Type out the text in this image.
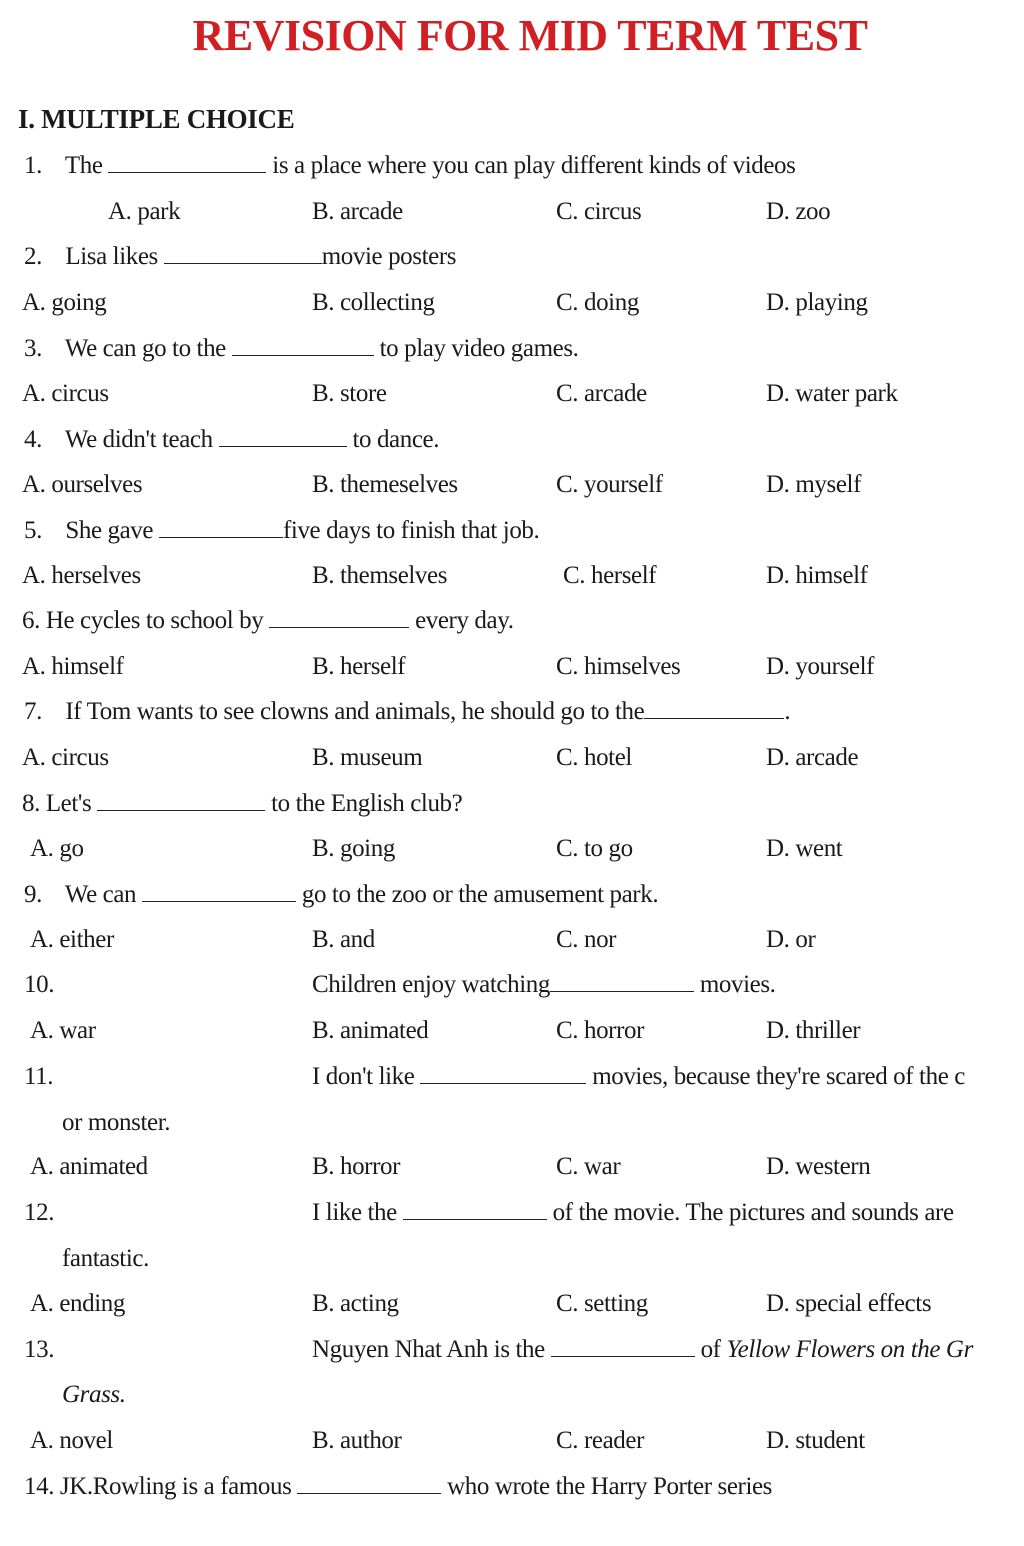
REVISION FOR MID TERM TEST
I. MULTIPLE CHOICE
1. The	is a place where you can play different kinds of videos
A. park	B. arcade	C. circus	D. zoo
2. Lisa likes	movie posters
A. going	B. collecting	C. doing	D. playing
3. We can go to the	to play video games.
A. circus	B. store	C. arcade	D. water park
4. We didn't teach	to dance.
A. ourselves	B. themeselves	C. yourself	D. myself
5. She gave	five days to finish that job.
A. herselves	B. themselves	C. herself	D. himself
6. He cycles to school by	every day.
A. himself	B. herself	C. himselves	D. yourself
7. If Tom wants to see clowns and animals, he should go to the	.
A. circus	B. museum	C. hotel	D. arcade
8. Let's	to the English club?
A. go	B. going	C. to go	D. went
9. We can	go to the zoo or the amusement park.
A. either	B. and	C. nor	D. or
10.	Children enjoy watching	movies.
A. war	B. animated	C. horror	D. thriller
11.	I don't like	movies, because they're scared of the c
or monster.
A. animated	B. horror	C. war	D. western
12.	I like the	of the movie. The pictures and sounds are
fantastic.
A. ending	B. acting	C. setting	D. special effects
13.	Nguyen Nhat Anh is the	of Yellow Flowers on the Gr
Grass.
A. novel	B. author	C. reader	D. student
14. JK.Rowling is a famous	who wrote the Harry Porter series
